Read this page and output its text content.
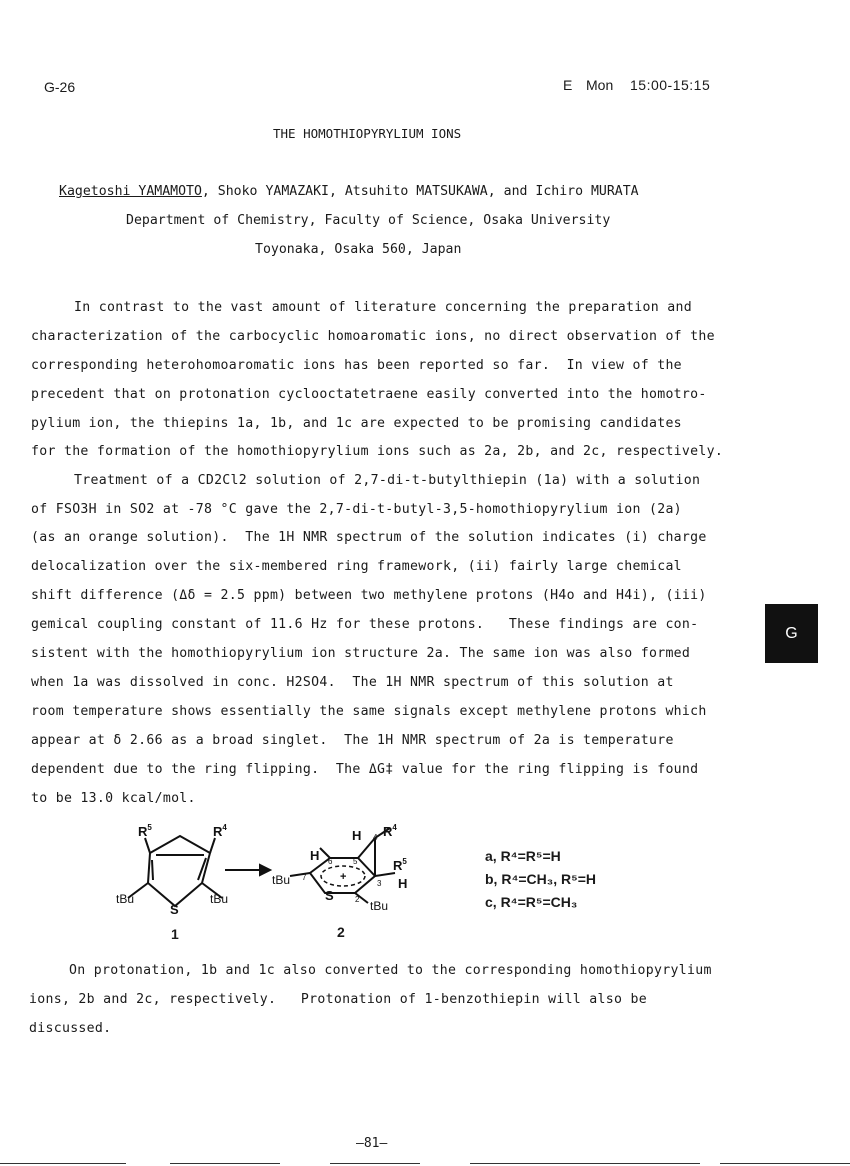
G-26	E Mon 15:00-15:15
THE HOMOTHIOPYRYLIUM IONS
Kagetoshi YAMAMOTO, Shoko YAMAZAKI, Atsuhito MATSUKAWA, and Ichiro MURATA
Department of Chemistry, Faculty of Science, Osaka University
Toyonaka, Osaka 560, Japan
In contrast to the vast amount of literature concerning the preparation and
characterization of the carbocyclic homoaromatic ions, no direct observation of the
corresponding heterohomoaromatic ions has been reported so far.  In view of the
precedent that on protonation cyclooctatetraene easily converted into the homotro-
pylium ion, the thiepins 1a, 1b, and 1c are expected to be promising candidates
for the formation of the homothiopyrylium ions such as 2a, 2b, and 2c, respectively.
Treatment of a CD2Cl2 solution of 2,7-di-t-butylthiepin (1a) with a solution
of FSO3H in SO2 at -78 °C gave the 2,7-di-t-butyl-3,5-homothiopyrylium ion (2a)
(as an orange solution).  The 1H NMR spectrum of the solution indicates (i) charge
delocalization over the six-membered ring framework, (ii) fairly large chemical
shift difference (Δδ = 2.5 ppm) between two methylene protons (H4o and H4i), (iii)
gemical coupling constant of 11.6 Hz for these protons.   These findings are con-
sistent with the homothiopyrylium ion structure 2a. The same ion was also formed
when 1a was dissolved in conc. H2SO4.  The 1H NMR spectrum of this solution at
room temperature shows essentially the same signals except methylene protons which
appear at δ 2.66 as a broad singlet.  The 1H NMR spectrum of 2a is temperature
dependent due to the ring flipping.  The ΔG‡ value for the ring flipping is found
to be 13.0 kcal/mol.
$R^5$	$R^4$
tBu	tBu
S
H $R^4$
H
$R^5$
H
tBu
S
tBu
+
4
6	5
7
3
2
1	2
a, R⁴=R⁵=H
b, R⁴=CH₃, R⁵=H
c, R⁴=R⁵=CH₃
On protonation, 1b and 1c also converted to the corresponding homothiopyrylium
ions, 2b and 2c, respectively.   Protonation of 1-benzothiepin will also be
discussed.
—81—
G
